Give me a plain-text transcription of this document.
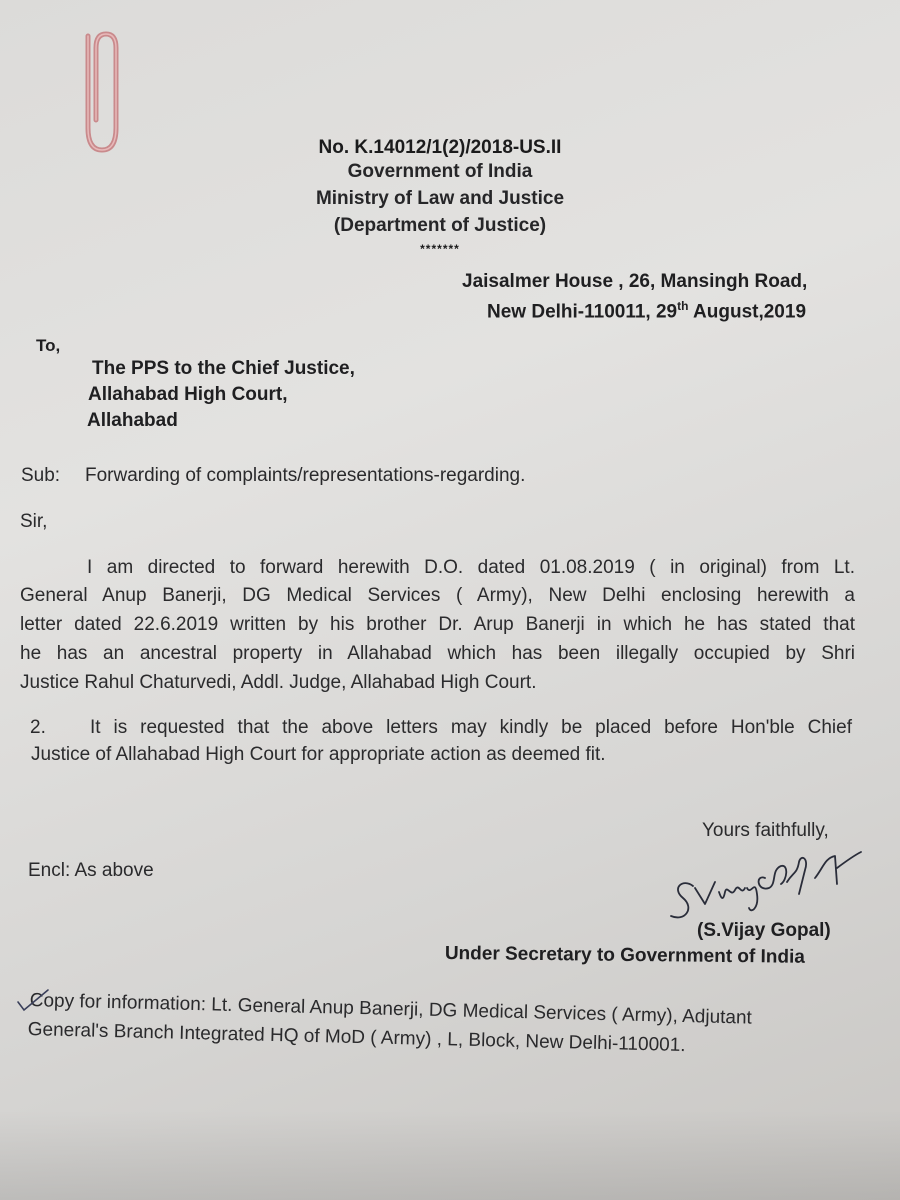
No. K.14012/1(2)/2018-US.II
Government of India
Ministry of Law and Justice
(Department of Justice)
*******
Jaisalmer House , 26, Mansingh Road,
New Delhi-110011, 29th August,2019
To,
The PPS to the Chief Justice,
Allahabad High Court,
Allahabad
Sub: Forwarding of complaints/representations-regarding.
Sir,
I am directed to forward herewith D.O. dated 01.08.2019 ( in original) from Lt.
General Anup Banerji, DG Medical Services ( Army), New Delhi enclosing herewith a
letter dated 22.6.2019 written by his brother Dr. Arup Banerji in which he has stated that
he has an ancestral property in Allahabad which has been illegally occupied by Shri
Justice Rahul Chaturvedi, Addl. Judge, Allahabad High Court.
2. It is requested that the above letters may kindly be placed before Hon'ble Chief
Justice of Allahabad High Court for appropriate action as deemed fit.
Yours faithfully,
Encl: As above
(S.Vijay Gopal)
Under Secretary to Government of India
Copy for information: Lt. General Anup Banerji, DG Medical Services ( Army), Adjutant
General's Branch Integrated HQ of MoD ( Army) , L, Block, New Delhi-110001.
